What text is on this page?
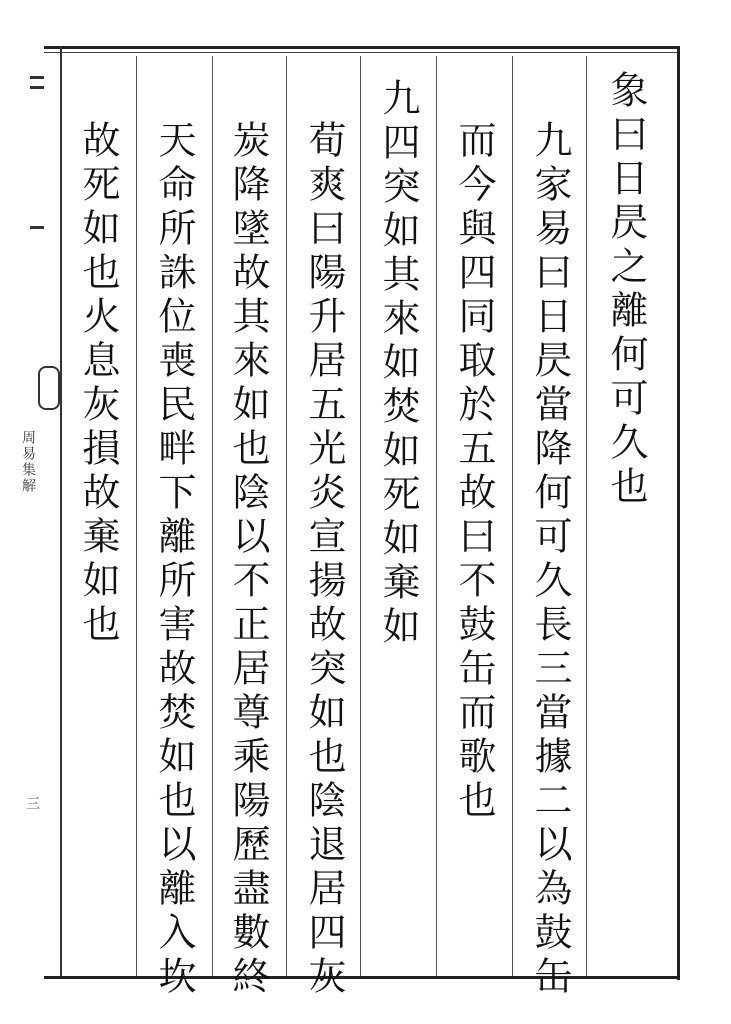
周易集解
三
象曰日昃之離何可久也
九家易曰日昃當降何可久長三當據二以為鼓缶
而今與四同取於五故曰不鼓缶而歌也
九四突如其來如焚如死如棄如
荀爽曰陽升居五光炎宣揚故突如也陰退居四灰
炭降墜故其來如也陰以不正居尊乘陽歷盡數終
天命所誅位喪民畔下離所害故焚如也以離入坎
故死如也火息灰損故棄如也
